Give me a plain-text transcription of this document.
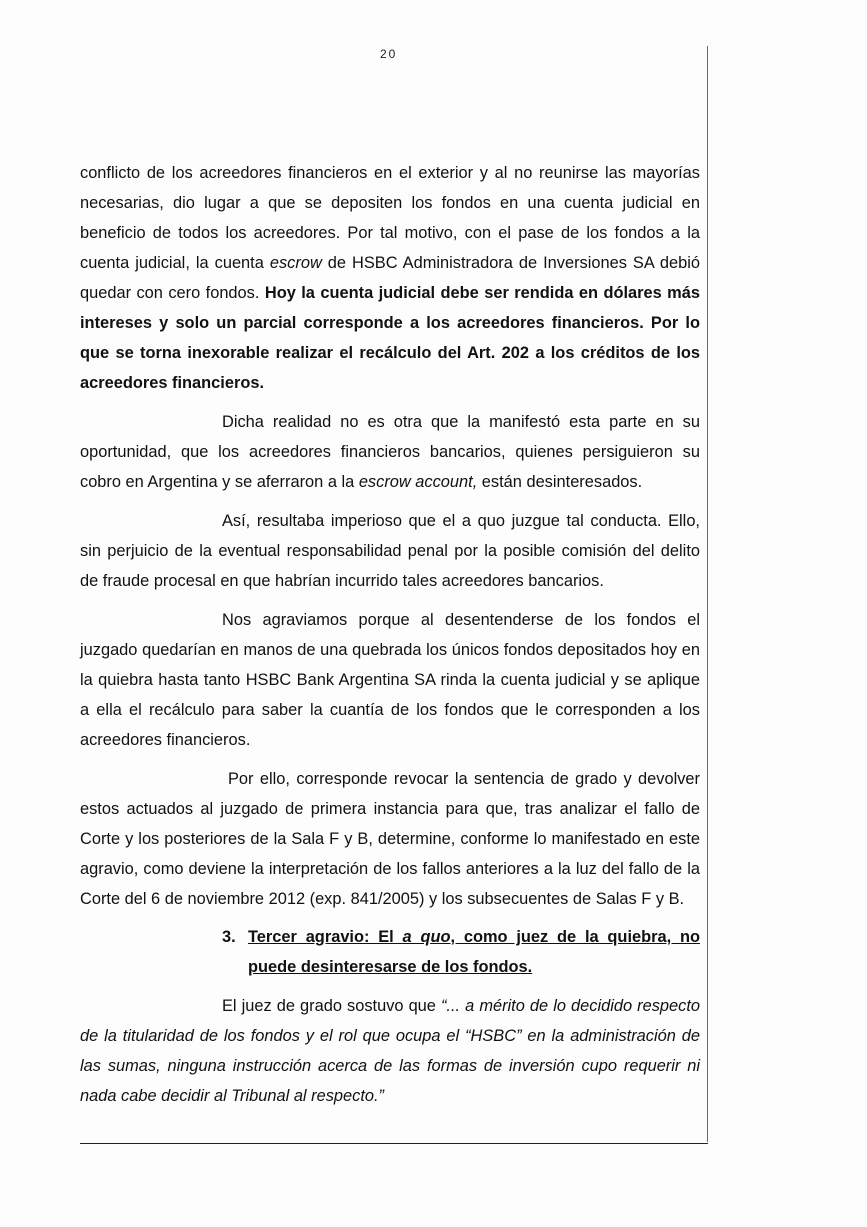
20

conflicto de los acreedores financieros en el exterior y al no reunirse las mayorías necesarias, dio lugar a que se depositen los fondos en una cuenta judicial en beneficio de todos los acreedores. Por tal motivo, con el pase de los fondos a la cuenta judicial, la cuenta escrow de HSBC Administradora de Inversiones SA debió quedar con cero fondos. Hoy la cuenta judicial debe ser rendida en dólares más intereses y solo un parcial corresponde a los acreedores financieros. Por lo que se torna inexorable realizar el recálculo del Art. 202 a los créditos de los acreedores financieros.

Dicha realidad no es otra que la manifestó esta parte en su oportunidad, que los acreedores financieros bancarios, quienes persiguieron su cobro en Argentina y se aferraron a la escrow account, están desinteresados.

Así, resultaba imperioso que el a quo juzgue tal conducta. Ello, sin perjuicio de la eventual responsabilidad penal por la posible comisión del delito de fraude procesal en que habrían incurrido tales acreedores bancarios.

Nos agraviamos porque al desentenderse de los fondos el juzgado quedarían en manos de una quebrada los únicos fondos depositados hoy en la quiebra hasta tanto HSBC Bank Argentina SA rinda la cuenta judicial y se aplique a ella el recálculo para saber la cuantía de los fondos que le corresponden a los acreedores financieros.

Por ello, corresponde revocar la sentencia de grado y devolver estos actuados al juzgado de primera instancia para que, tras analizar el fallo de Corte y los posteriores de la Sala F y B, determine, conforme lo manifestado en este agravio, como deviene la interpretación de los fallos anteriores a la luz del fallo de la Corte del 6 de noviembre 2012 (exp. 841/2005) y los subsecuentes de Salas F y B.

3. Tercer agravio: El a quo, como juez de la quiebra, no puede desinteresarse de los fondos.

El juez de grado sostuvo que “... a mérito de lo decidido respecto de la titularidad de los fondos y el rol que ocupa el “HSBC” en la administración de las sumas, ninguna instrucción acerca de las formas de inversión cupo requerir ni nada cabe decidir al Tribunal al respecto.”
